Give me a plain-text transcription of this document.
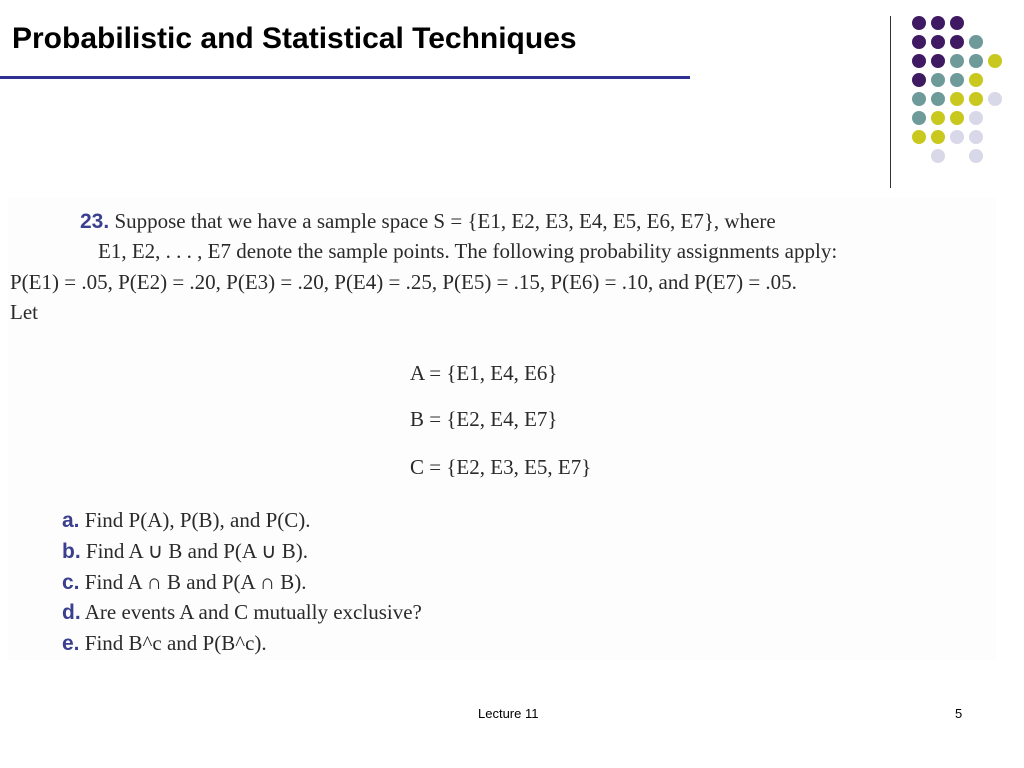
Probabilistic and Statistical Techniques
23. Suppose that we have a sample space S = {E1, E2, E3, E4, E5, E6, E7}, where
E1, E2, . . . , E7 denote the sample points. The following probability assignments apply:
P(E1) = .05, P(E2) = .20, P(E3) = .20, P(E4) = .25, P(E5) = .15, P(E6) = .10, and P(E7) = .05.
Let
A = {E1, E4, E6}
B = {E2, E4, E7}
C = {E2, E3, E5, E7}
a. Find P(A), P(B), and P(C).
b. Find A ∪ B and P(A ∪ B).
c. Find A ∩ B and P(A ∩ B).
d. Are events A and C mutually exclusive?
e. Find B^c and P(B^c).
Lecture 11	5
